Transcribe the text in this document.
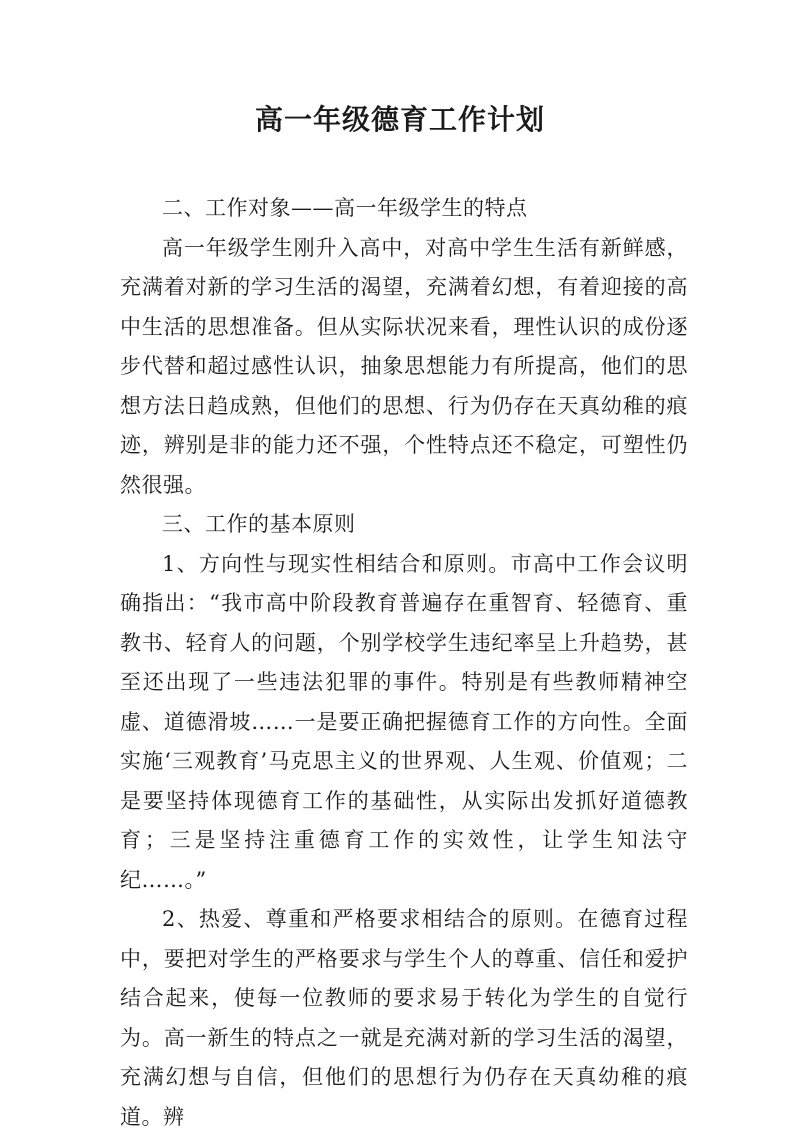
高一年级德育工作计划

二、工作对象——高一年级学生的特点

高一年级学生刚升入高中，对高中学生生活有新鲜感，充满着对新的学习生活的渴望，充满着幻想，有着迎接的高中生活的思想准备。但从实际状况来看，理性认识的成份逐步代替和超过感性认识，抽象思想能力有所提高，他们的思想方法日趋成熟，但他们的思想、行为仍存在天真幼稚的痕迹，辨别是非的能力还不强，个性特点还不稳定，可塑性仍然很强。

三、工作的基本原则

1、方向性与现实性相结合和原则。市高中工作会议明确指出：“我市高中阶段教育普遍存在重智育、轻德育、重教书、轻育人的问题，个别学校学生违纪率呈上升趋势，甚至还出现了一些违法犯罪的事件。特别是有些教师精神空虚、道德滑坡……一是要正确把握德育工作的方向性。全面实施‘三观教育’马克思主义的世界观、人生观、价值观；二是要坚持体现德育工作的基础性，从实际出发抓好道德教育；三是坚持注重德育工作的实效性，让学生知法守纪……。”

2、热爱、尊重和严格要求相结合的原则。在德育过程中，要把对学生的严格要求与学生个人的尊重、信任和爱护结合起来，使每一位教师的要求易于转化为学生的自觉行为。高一新生的特点之一就是充满对新的学习生活的渴望，充满幻想与自信，但他们的思想行为仍存在天真幼稚的痕道。辨
